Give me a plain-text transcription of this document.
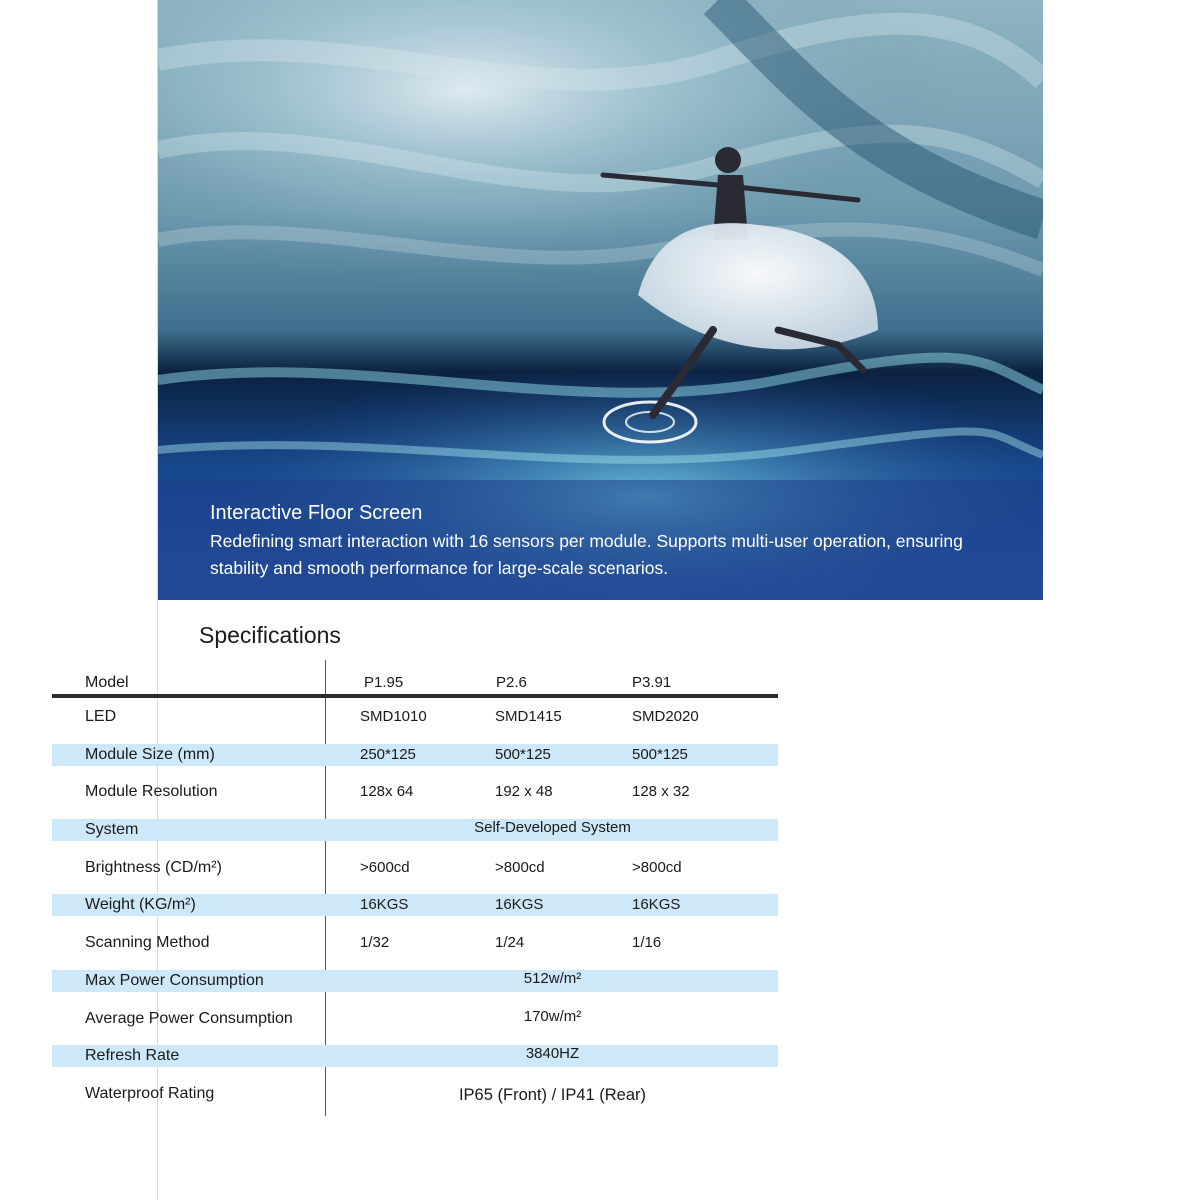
Interactive Floor Screen
Redefining smart interaction with 16 sensors per module. Supports multi-user operation, ensuring stability and smooth performance for large-scale scenarios.
Specifications
Model	P1.95	P2.6	P3.91
LED	SMD1010	SMD1415	SMD2020
Module Size (mm)	250*125	500*125	500*125
Module Resolution	128x 64	192 x 48	128 x 32
System	Self-Developed System
Brightness (CD/m²)	>600cd	>800cd	>800cd
Weight (KG/m²)	16KGS	16KGS	16KGS
Scanning Method	1/32	1/24	1/16
Max Power Consumption	512w/m²
Average Power Consumption	170w/m²
Refresh Rate	3840HZ
Waterproof Rating	IP65 (Front) / IP41 (Rear)
